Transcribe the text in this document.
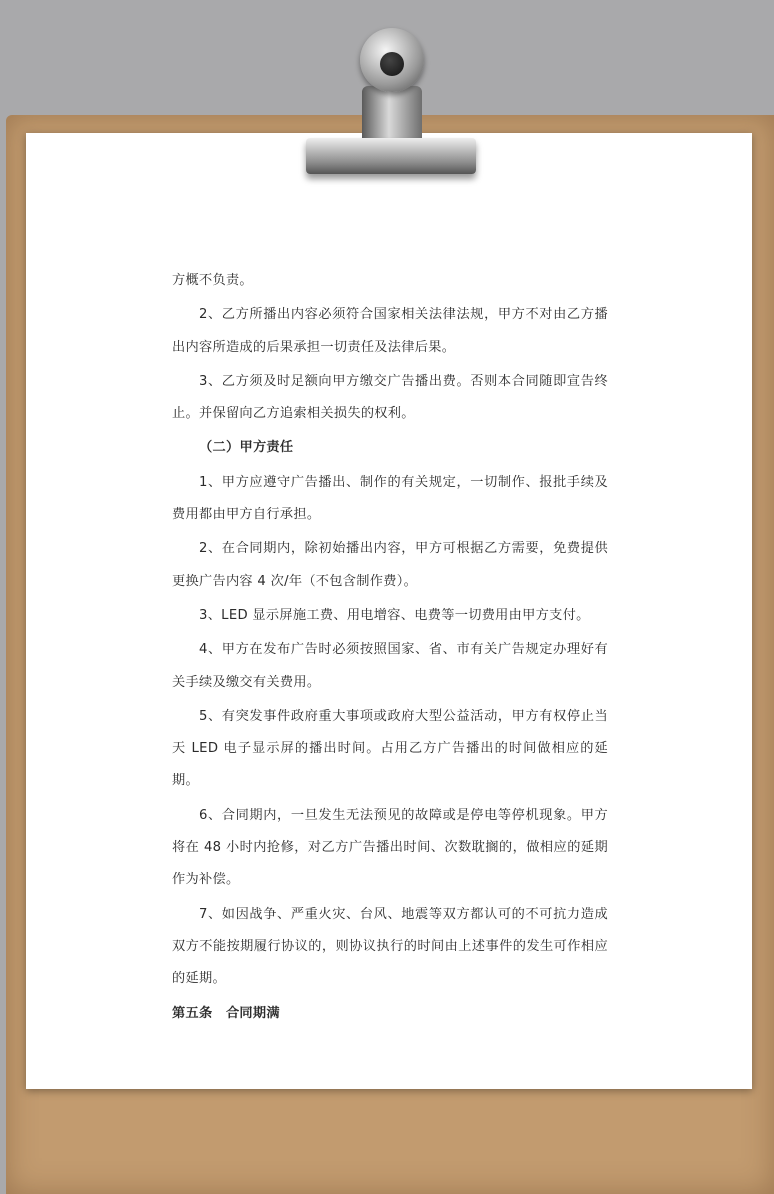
方概不负责。

2、乙方所播出内容必须符合国家相关法律法规，甲方不对由乙方播出内容所造成的后果承担一切责任及法律后果。

3、乙方须及时足额向甲方缴交广告播出费。否则本合同随即宣告终止。并保留向乙方追索相关损失的权利。

（二）甲方责任

1、甲方应遵守广告播出、制作的有关规定，一切制作、报批手续及费用都由甲方自行承担。

2、在合同期内，除初始播出内容，甲方可根据乙方需要，免费提供更换广告内容 4 次/年（不包含制作费）。

3、LED 显示屏施工费、用电增容、电费等一切费用由甲方支付。

4、甲方在发布广告时必须按照国家、省、市有关广告规定办理好有关手续及缴交有关费用。

5、有突发事件政府重大事项或政府大型公益活动，甲方有权停止当天 LED 电子显示屏的播出时间。占用乙方广告播出的时间做相应的延期。

6、合同期内，一旦发生无法预见的故障或是停电等停机现象。甲方将在 48 小时内抢修，对乙方广告播出时间、次数耽搁的，做相应的延期作为补偿。

7、如因战争、严重火灾、台风、地震等双方都认可的不可抗力造成双方不能按期履行协议的，则协议执行的时间由上述事件的发生可作相应的延期。

第五条　合同期满
